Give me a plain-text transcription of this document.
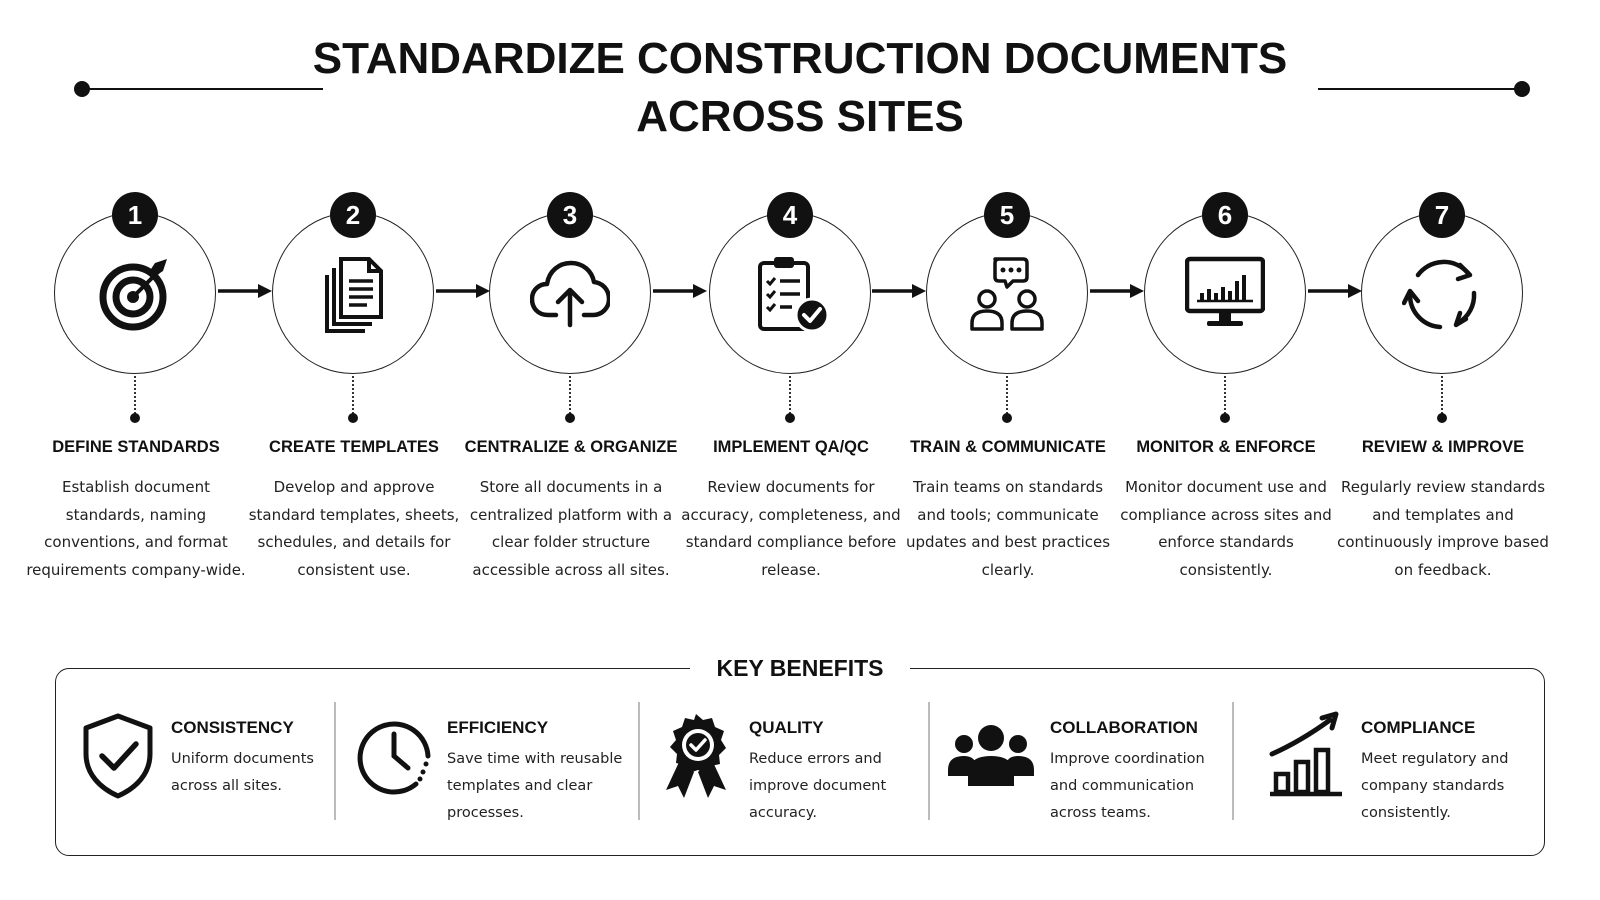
STANDARDIZE CONSTRUCTION DOCUMENTS
ACROSS SITES
1
DEFINE STANDARDS
Establish document standards, naming conventions, and format requirements company-wide.
2
CREATE TEMPLATES
Develop and approve standard templates, sheets, schedules, and details for consistent use.
3
CENTRALIZE & ORGANIZE
Store all documents in a centralized platform with a clear folder structure accessible across all sites.
4
IMPLEMENT QA/QC
Review documents for accuracy, completeness, and standard compliance before release.
5
TRAIN & COMMUNICATE
Train teams on standards and tools; communicate updates and best practices clearly.
6
MONITOR & ENFORCE
Monitor document use and compliance across sites and enforce standards consistently.
7
REVIEW & IMPROVE
Regularly review standards and templates and continuously improve based on feedback.
KEY BENEFITS
CONSISTENCY
Uniform documents across all sites.
EFFICIENCY
Save time with reusable templates and clear processes.
QUALITY
Reduce errors and improve document accuracy.
COLLABORATION
Improve coordination and communication across teams.
COMPLIANCE
Meet regulatory and company standards consistently.
